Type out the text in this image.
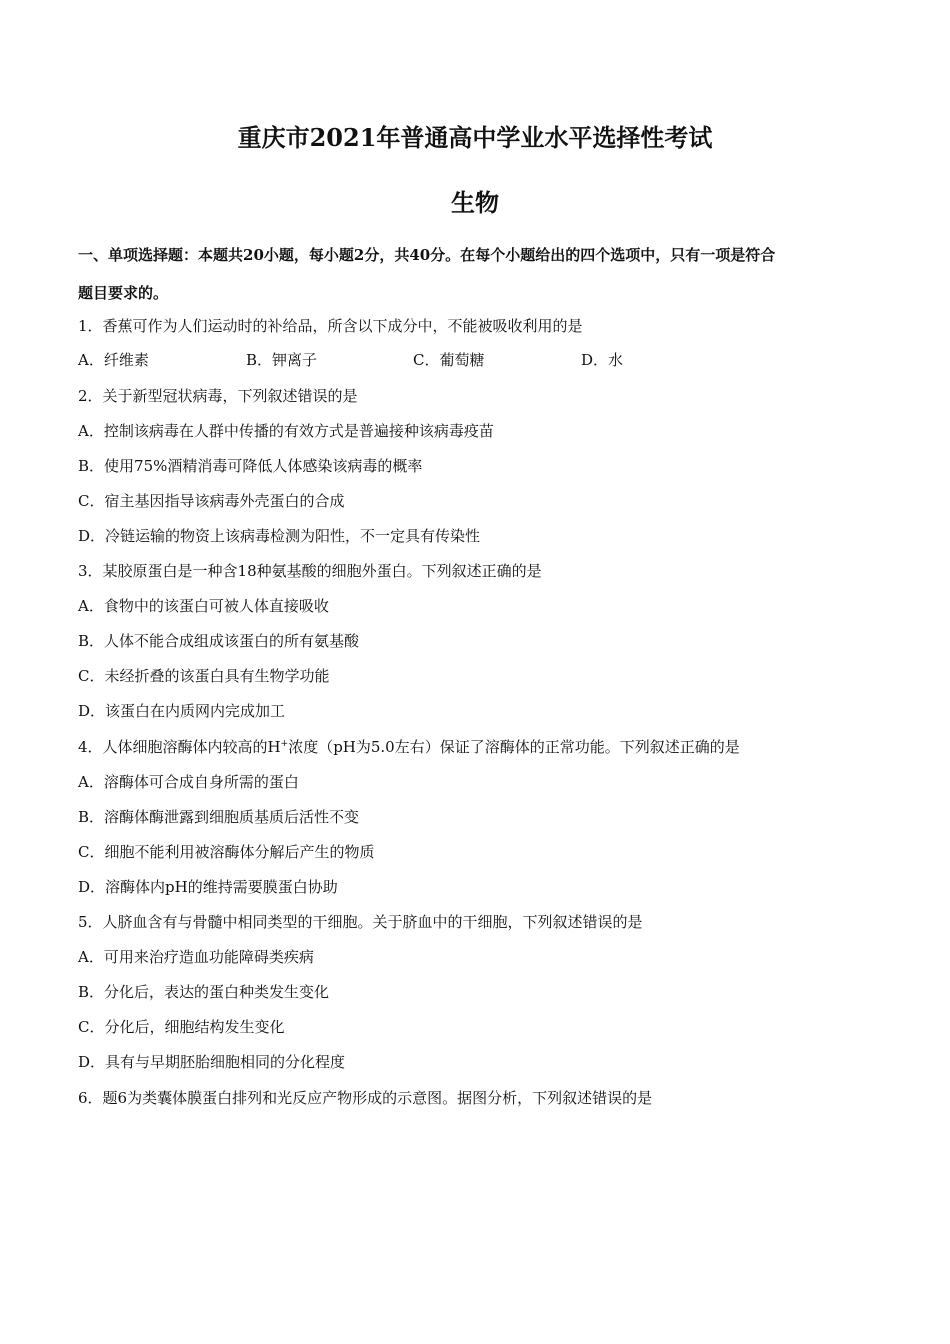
重庆市2021年普通高中学业水平选择性考试
生物
一、单项选择题：本题共20小题，每小题2分，共40分。在每个小题给出的四个选项中，只有一项是符合
题目要求的。
1．香蕉可作为人们运动时的补给品，所含以下成分中，不能被吸收利用的是
A．纤维素	B．钾离子	C．葡萄糖	D．水
2．关于新型冠状病毒，下列叙述错误的是
A．控制该病毒在人群中传播的有效方式是普遍接种该病毒疫苗
B．使用75%酒精消毒可降低人体感染该病毒的概率
C．宿主基因指导该病毒外壳蛋白的合成
D．冷链运输的物资上该病毒检测为阳性，不一定具有传染性
3．某胶原蛋白是一种含18种氨基酸的细胞外蛋白。下列叙述正确的是
A．食物中的该蛋白可被人体直接吸收
B．人体不能合成组成该蛋白的所有氨基酸
C．未经折叠的该蛋白具有生物学功能
D．该蛋白在内质网内完成加工
4．人体细胞溶酶体内较高的H+浓度（pH为5.0左右）保证了溶酶体的正常功能。下列叙述正确的是
A．溶酶体可合成自身所需的蛋白
B．溶酶体酶泄露到细胞质基质后活性不变
C．细胞不能利用被溶酶体分解后产生的物质
D．溶酶体内pH的维持需要膜蛋白协助
5．人脐血含有与骨髓中相同类型的干细胞。关于脐血中的干细胞，下列叙述错误的是
A．可用来治疗造血功能障碍类疾病
B．分化后，表达的蛋白种类发生变化
C．分化后，细胞结构发生变化
D．具有与早期胚胎细胞相同的分化程度
6．题6为类囊体膜蛋白排列和光反应产物形成的示意图。据图分析，下列叙述错误的是
